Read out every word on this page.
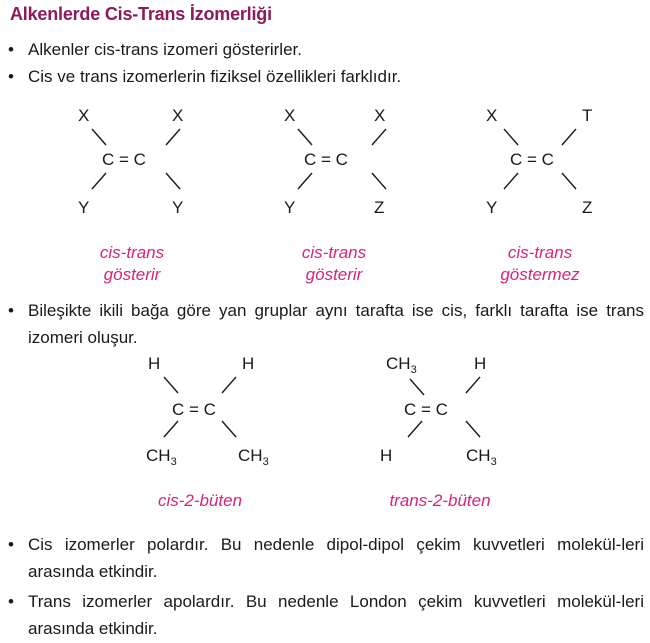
Alkenlerde Cis-Trans İzomerliği
• Alkenler cis-trans izomeri gösterirler.
• Cis ve trans izomerlerin fiziksel özellikleri farklıdır.
X	X
C = C
Y	Y
cis-trans
gösterir
X	X
C = C
Y	Z
cis-trans
gösterir
X	T
C = C
Y	Z
cis-trans
göstermez
• Bileşikte ikili bağa göre yan gruplar aynı tarafta ise cis, farklı tarafta ise trans izomeri oluşur.
H	H
C = C
$CH_3$	$CH_3$
cis-2-büten
$CH_3$	H
C = C
H	$CH_3$
trans-2-büten
• Cis izomerler polardır. Bu nedenle dipol-dipol çekim kuvvetleri molekül-leri arasında etkindir.
• Trans izomerler apolardır. Bu nedenle London çekim kuvvetleri molekül-leri arasında etkindir.
